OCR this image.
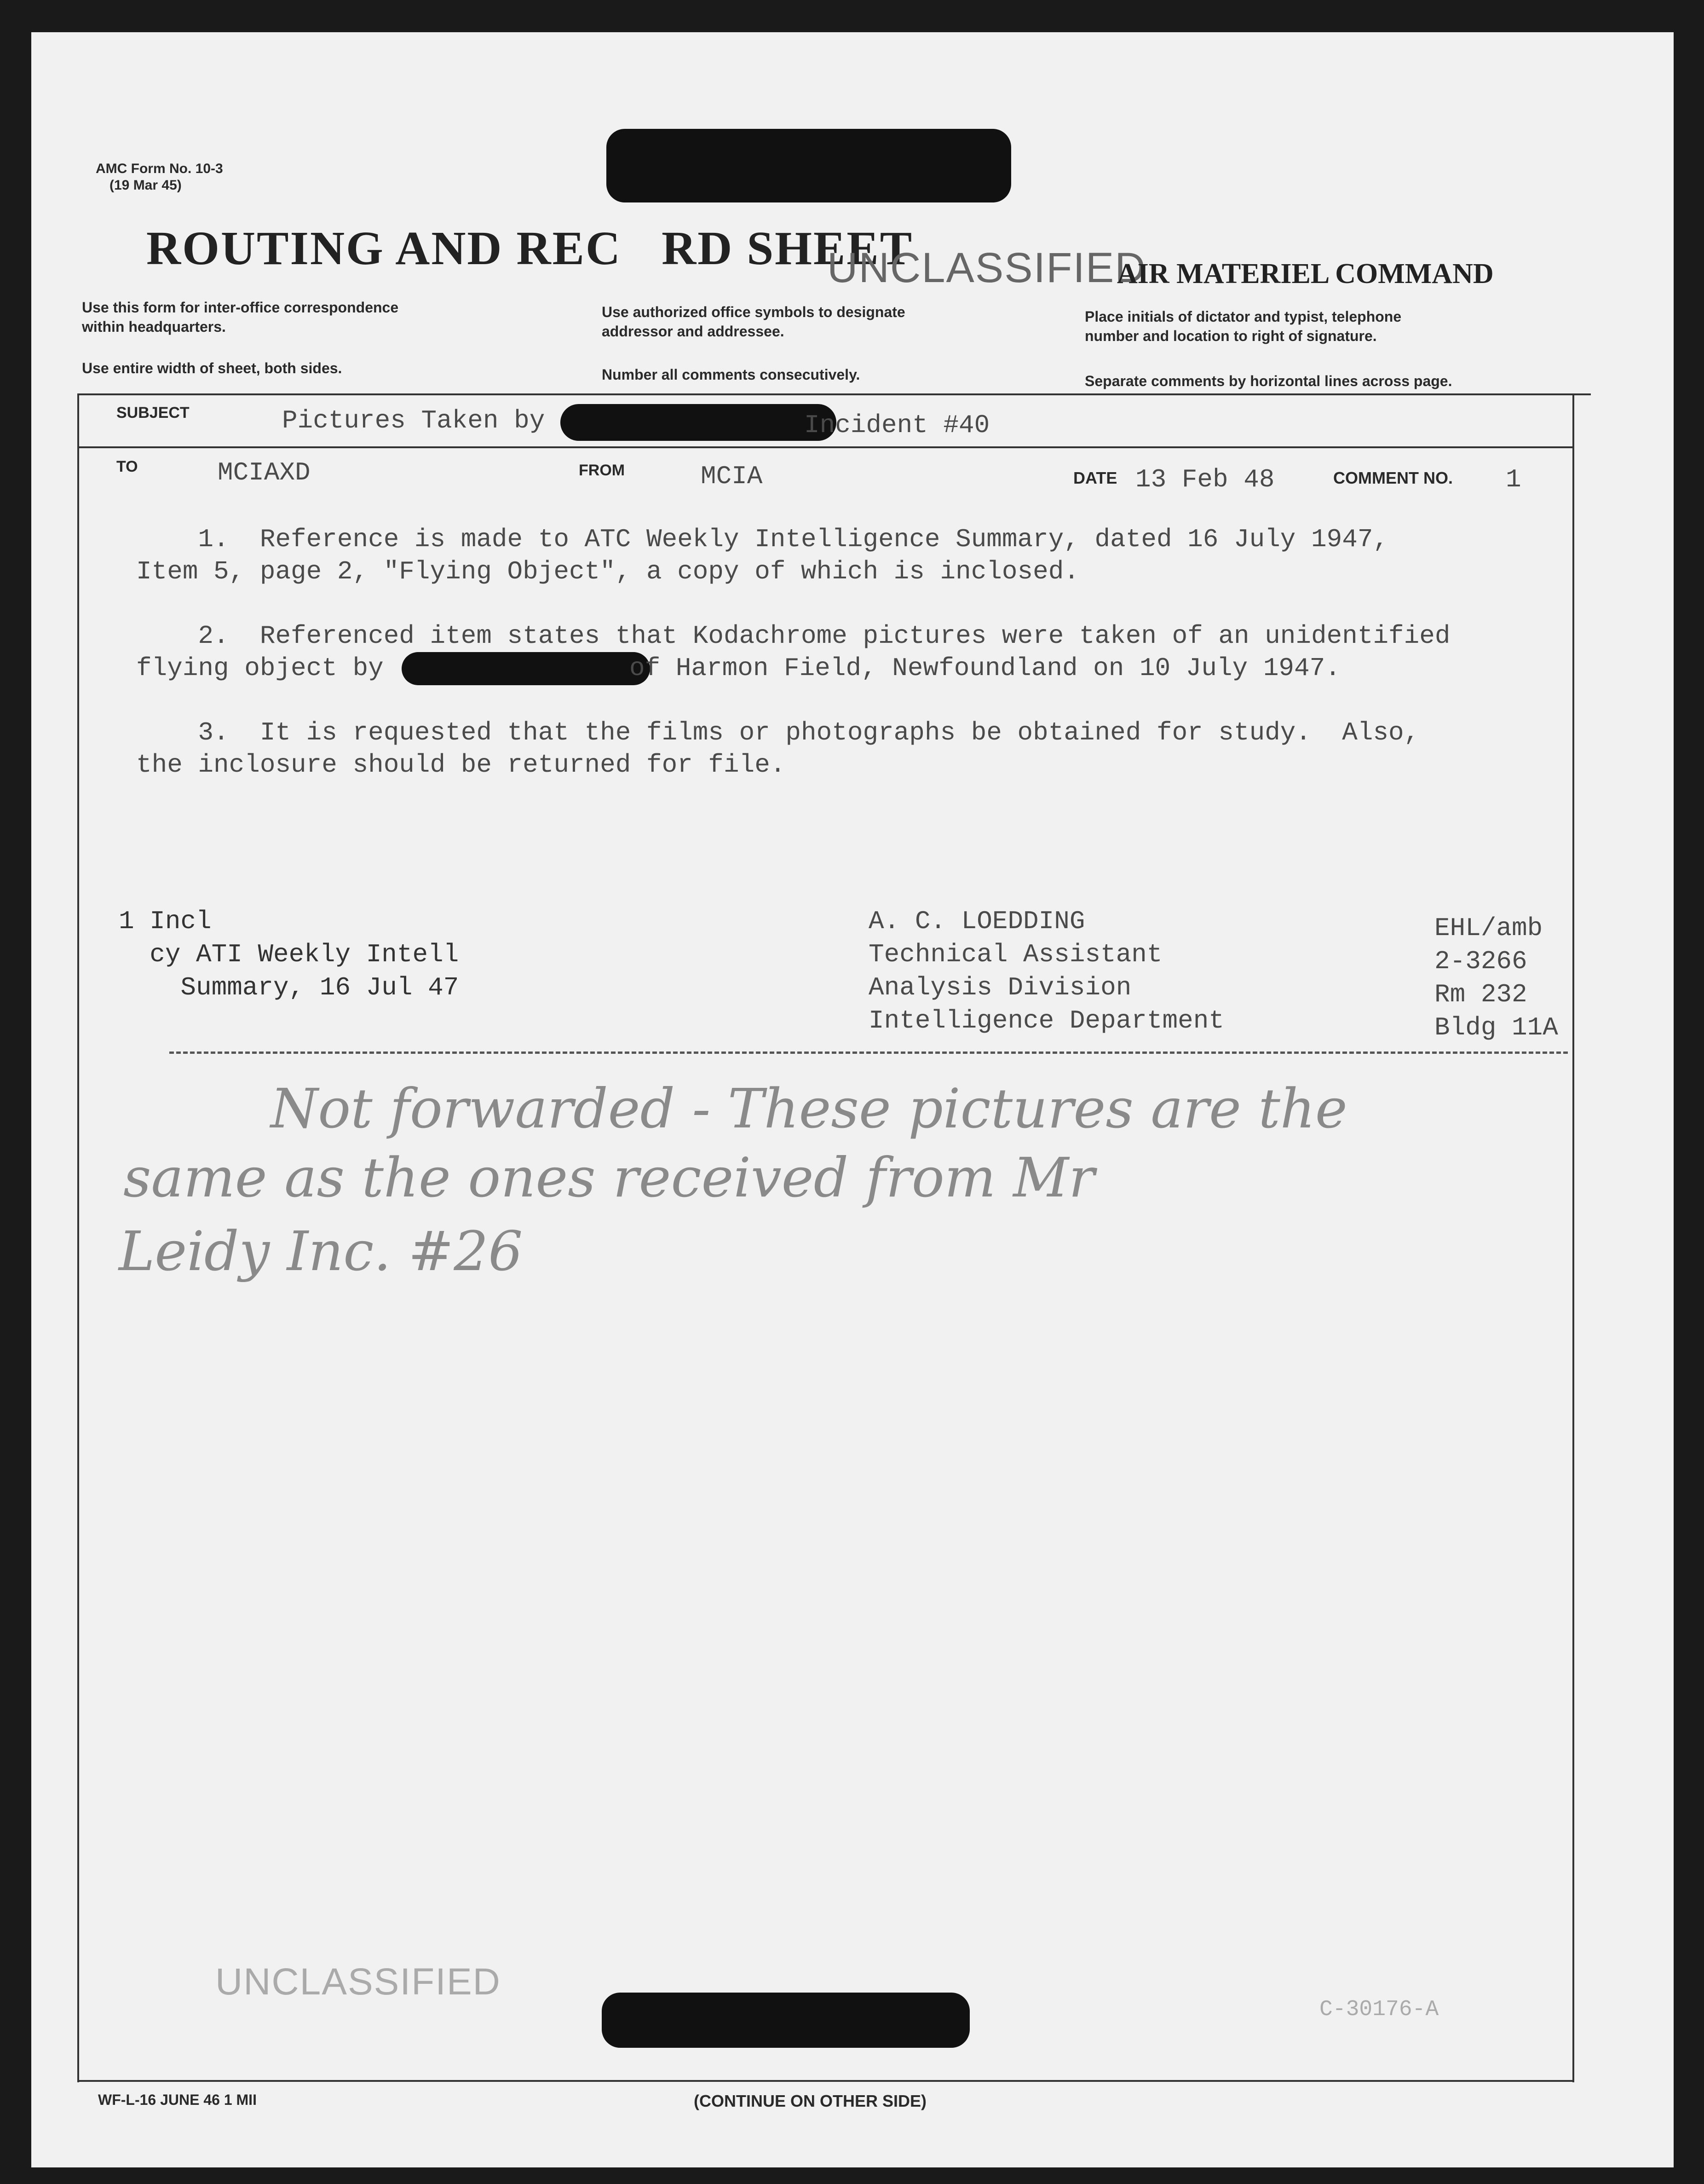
AMC Form No. 10-3
(19 Mar 45)
ROUTING AND REC   RD SHEET
UNCLASSIFIED
AIR MATERIEL COMMAND
Use this form for inter-office correspondence
within headquarters.
Use authorized office symbols to designate
addressor and addressee.
Place initials of dictator and typist, telephone
number and location to right of signature.
Use entire width of sheet, both sides.	Number all comments consecutively.	Separate comments by horizontal lines across page.
SUBJECT	Pictures Taken by	Incident #40
TO	MCIAXD	FROM	MCIA	DATE 13 Feb 48	COMMENT NO. 1
1.  Reference is made to ATC Weekly Intelligence Summary, dated 16 July 1947,
Item 5, page 2, "Flying Object", a copy of which is inclosed.
2.  Referenced item states that Kodachrome pictures were taken of an unidentified
flying object by	of Harmon Field, Newfoundland on 10 July 1947.
3.  It is requested that the films or photographs be obtained for study.  Also,
the inclosure should be returned for file.
1 Incl
cy ATI Weekly Intell
Summary, 16 Jul 47
A. C. LOEDDING
Technical Assistant
Analysis Division
Intelligence Department
EHL/amb
2-3266
Rm 232
Bldg 11A
Not forwarded - These pictures are the
same as the ones received from Mr
Leidy Inc. #26
UNCLASSIFIED
C-30176-A
WF-L-16 JUNE 46 1 MII	(CONTINUE ON OTHER SIDE)
